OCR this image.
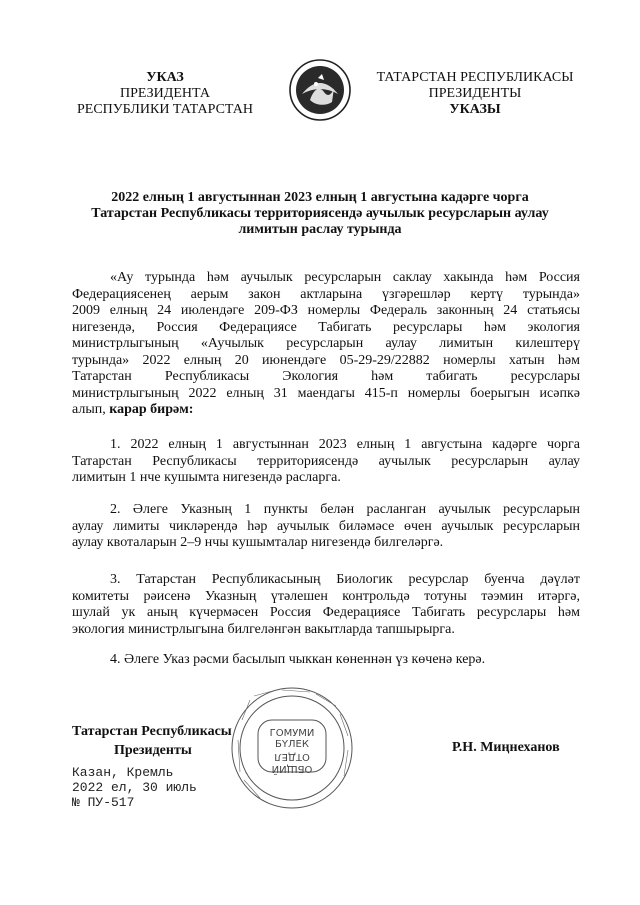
УКАЗ
ПРЕЗИДЕНТА
РЕСПУБЛИКИ ТАТАРСТАН
ТАТАРСТАН РЕСПУБЛИКАСЫ
ПРЕЗИДЕНТЫ
УКАЗЫ
2022 елның 1 августыннан 2023 елның 1 августына кадәрге чорга
Татарстан Республикасы территориясендә аучылык ресурсларын аулау
лимитын раслау турында
«Ау турында һәм аучылык ресурсларын саклау хакында һәм Россия
Федерациясенең аерым закон актларына үзгәрешләр кертү турында»
2009 елның 24 июлендәге 209-ФЗ номерлы Федераль законның 24 статьясы
нигезендә, Россия Федерациясе Табигать ресурслары һәм экология
министрлыгының «Аучылык ресурсларын аулау лимитын килештерү
турында» 2022 елның 20 июнендәге 05-29-29/22882 номерлы хатын һәм
Татарстан Республикасы Экология һәм табигать ресурслары
министрлыгының 2022 елның 31 маендагы 415-п номерлы боерыгын исәпкә
алып, карар бирәм:
1. 2022 елның 1 августыннан 2023 елның 1 августына кадәрге чорга
Татарстан Республикасы территориясендә аучылык ресурсларын аулау
лимитын 1 нче кушымта нигезендә расларга.
2. Әлеге Указның 1 пункты белән расланган аучылык ресурсларын
аулау лимиты чикләрендә һәр аучылык биләмәсе өчен аучылык ресурсларын
аулау квоталарын 2–9 нчы кушымталар нигезендә билгеләргә.
3. Татарстан Республикасының Биологик ресурслар буенча дәүләт
комитеты рәисенә Указның үтәлешен контрольдә тотуны тәэмин итәргә,
шулай ук аның күчермәсен Россия Федерациясе Табигать ресурслары һәм
экология министрлыгына билгеләнгән вакытларда тапшырырга.
4. Әлеге Указ рәсми басылып чыккан көненнән үз көченә керә.
ГОМУМИ
БҮЛЕК
ОТДЕЛ
ОБЩИЙ
Татарстан Республикасы
Президенты	Р.Н. Миңнеханов
Казан, Кремль
2022 ел, 30 июль
№ ПУ-517
